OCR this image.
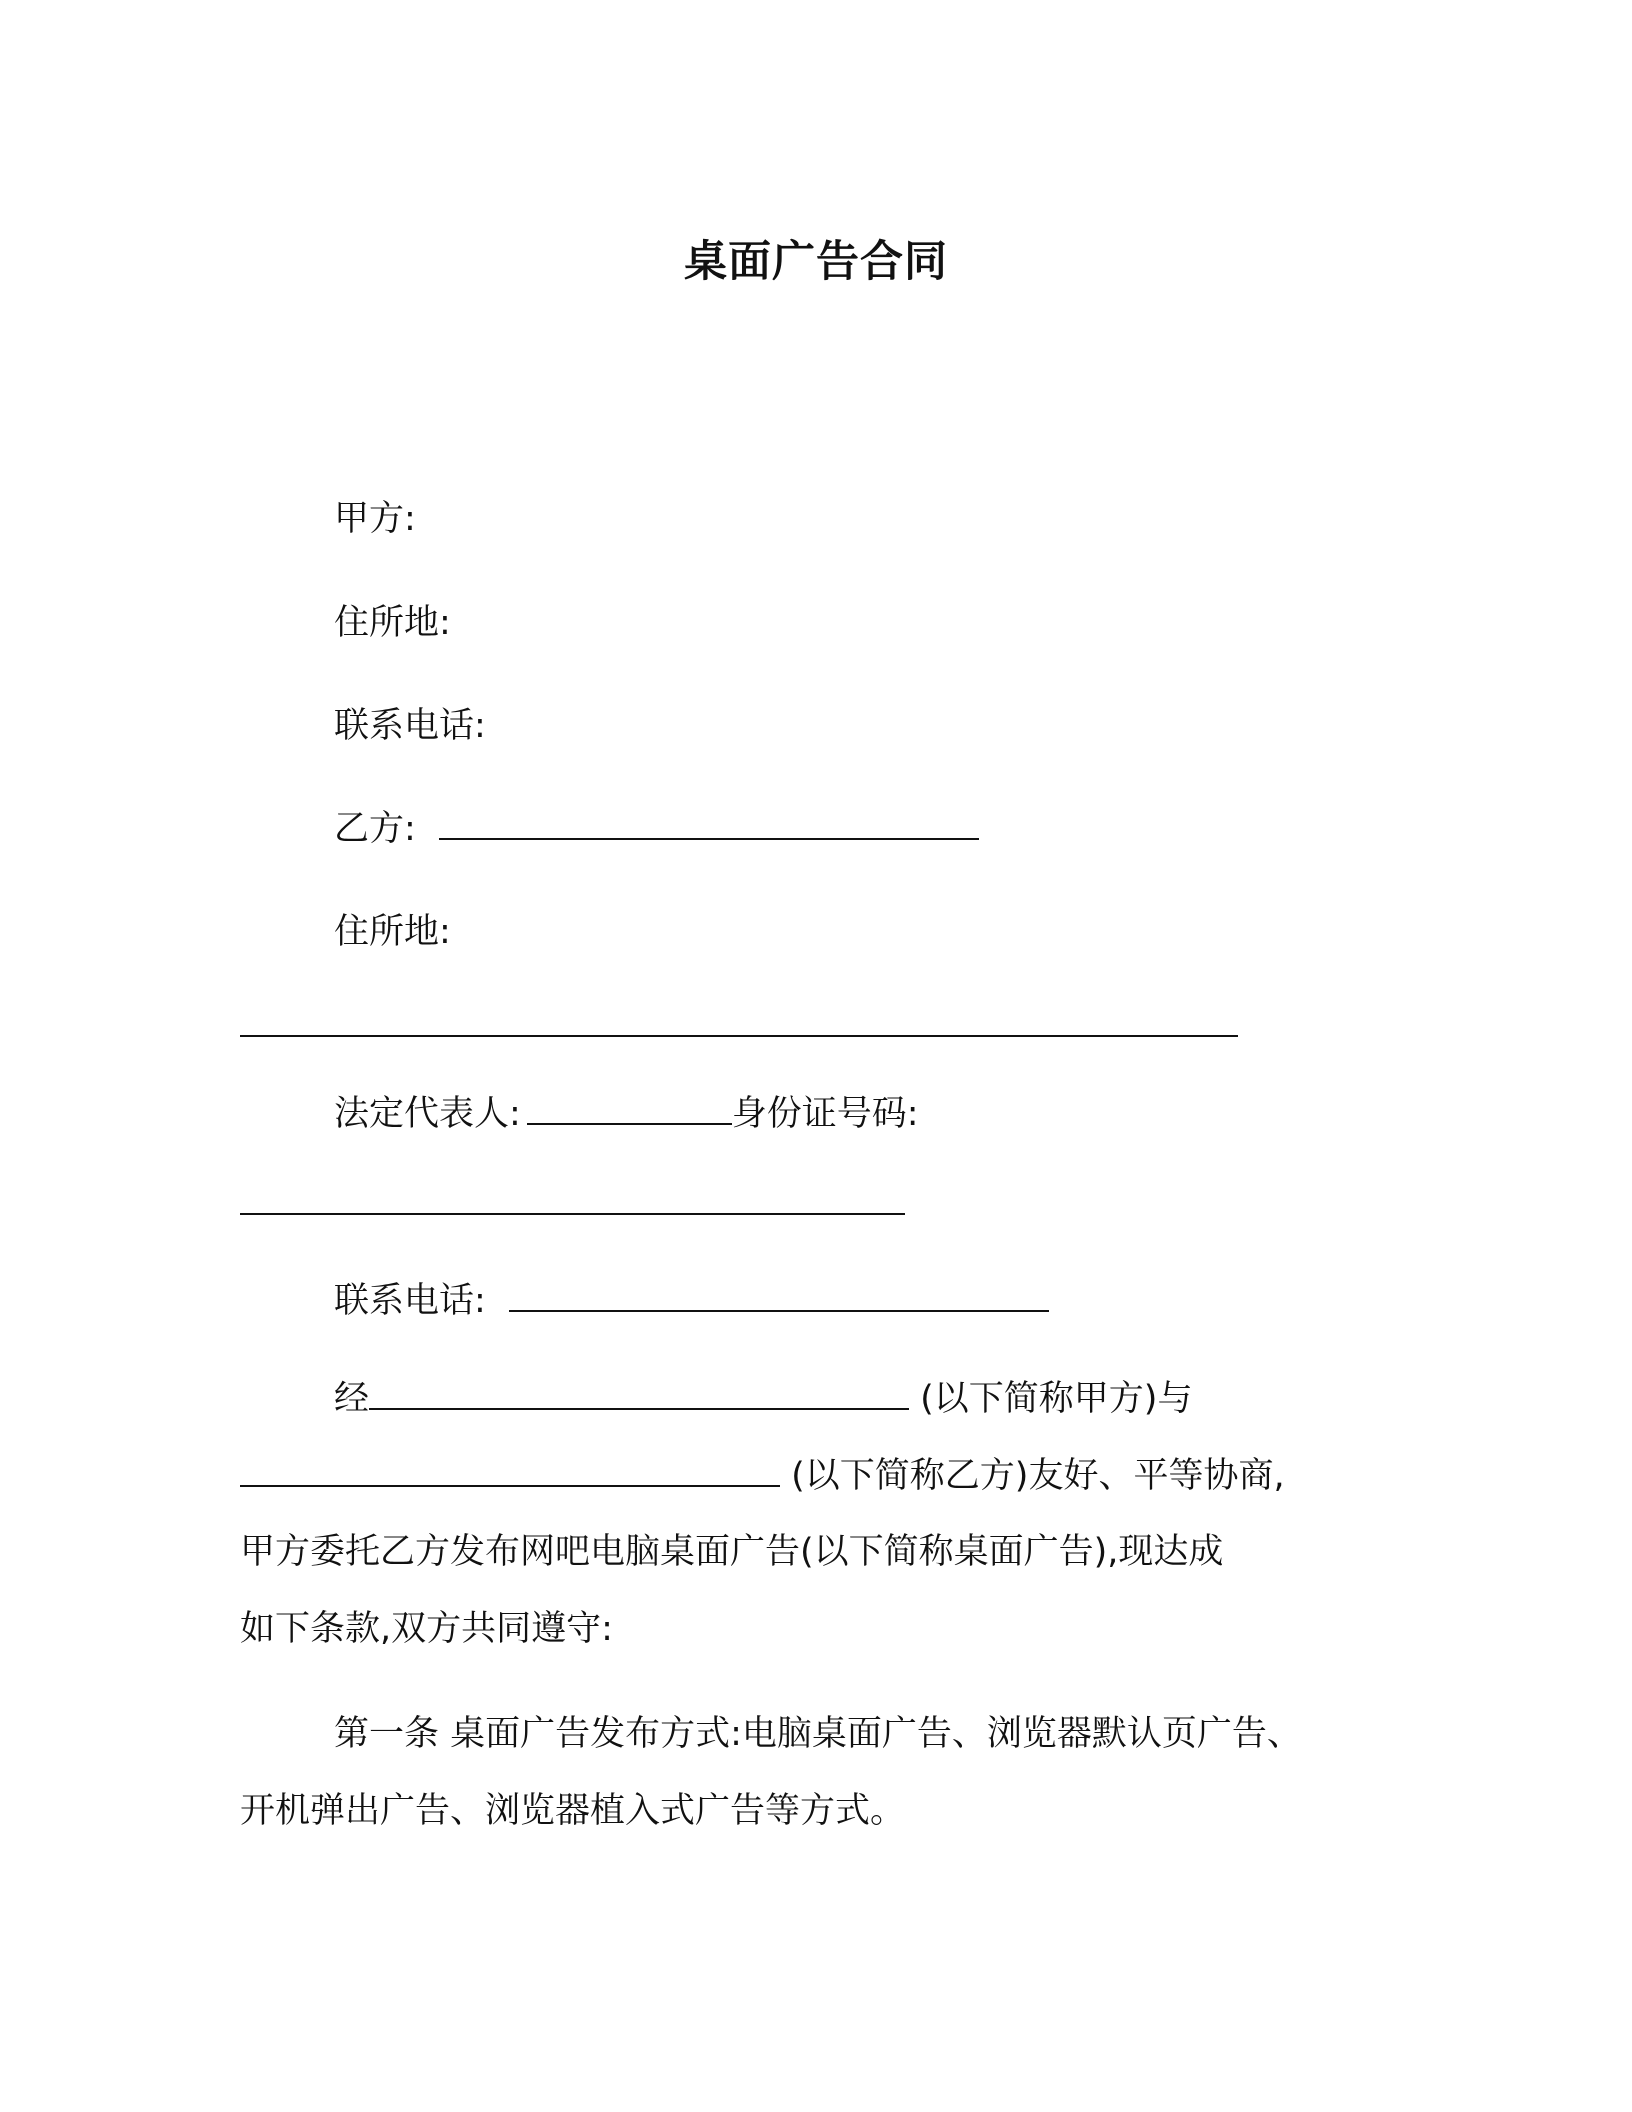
桌面广告合同
甲方:
住所地:
联系电话:
乙方:
住所地:
法定代表人:	身份证号码:
联系电话:
经	(以下简称甲方)与
(以下简称乙方)友好、平等协商,
甲方委托乙方发布网吧电脑桌面广告(以下简称桌面广告),现达成
如下条款,双方共同遵守:
第一条 桌面广告发布方式:电脑桌面广告、浏览器默认页广告、
开机弹出广告、浏览器植入式广告等方式。
